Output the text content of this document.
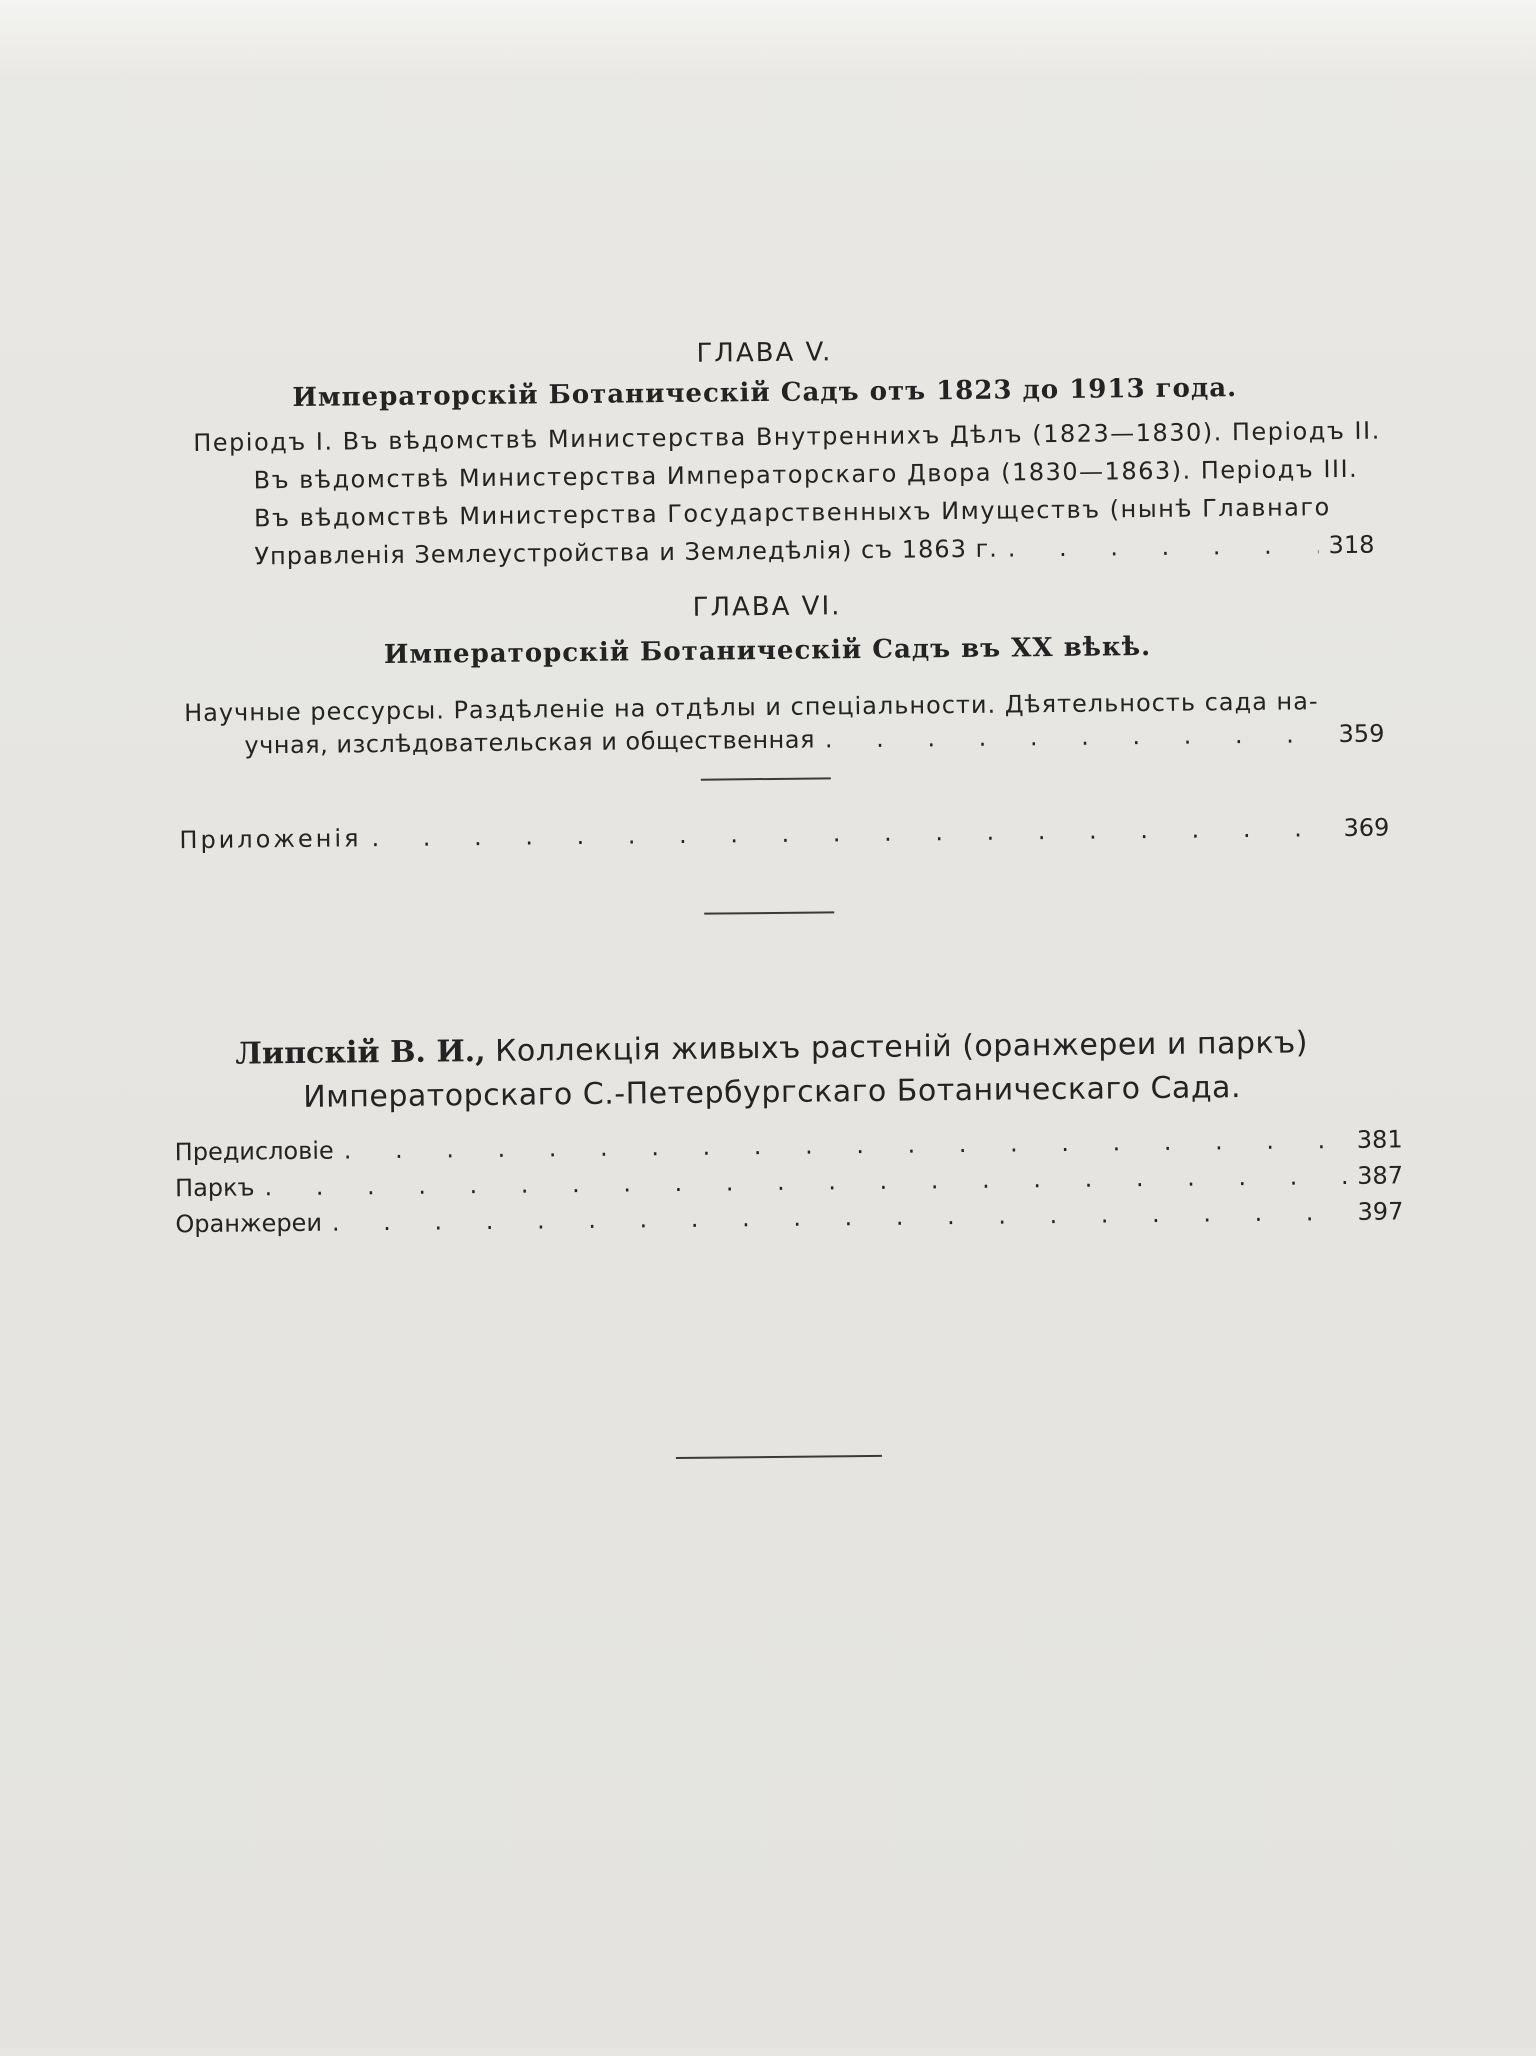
ГЛАВА V.
Императорскій Ботаническій Садъ отъ 1823 до 1913 года.
Періодъ I. Въ вѣдомствѣ Министерства Внутреннихъ Дѣлъ (1823—1830). Періодъ II.
Въ вѣдомствѣ Министерства Императорскаго Двора (1830—1863). Періодъ III.
Въ вѣдомствѣ Министерства Государственныхъ Имуществъ (нынѣ Главнаго
Управленія Землеустройства и Земледѣлія) съ 1863 г. . . .	318
ГЛАВА VI.
Императорскій Ботаническій Садъ въ XX вѣкѣ.
Научные рессурсы. Раздѣленіе на отдѣлы и спеціальности. Дѣятельность сада на-
учная, изслѣдовательская и общественная . . .	359
Приложенія . . .	369
Липскій В. И., Коллекція живыхъ растеній (оранжереи и паркъ)
Императорскаго С.-Петербургскаго Ботаническаго Сада.
Предисловіе . . .	381
Паркъ . . .	387
Оранжереи . . .	397
